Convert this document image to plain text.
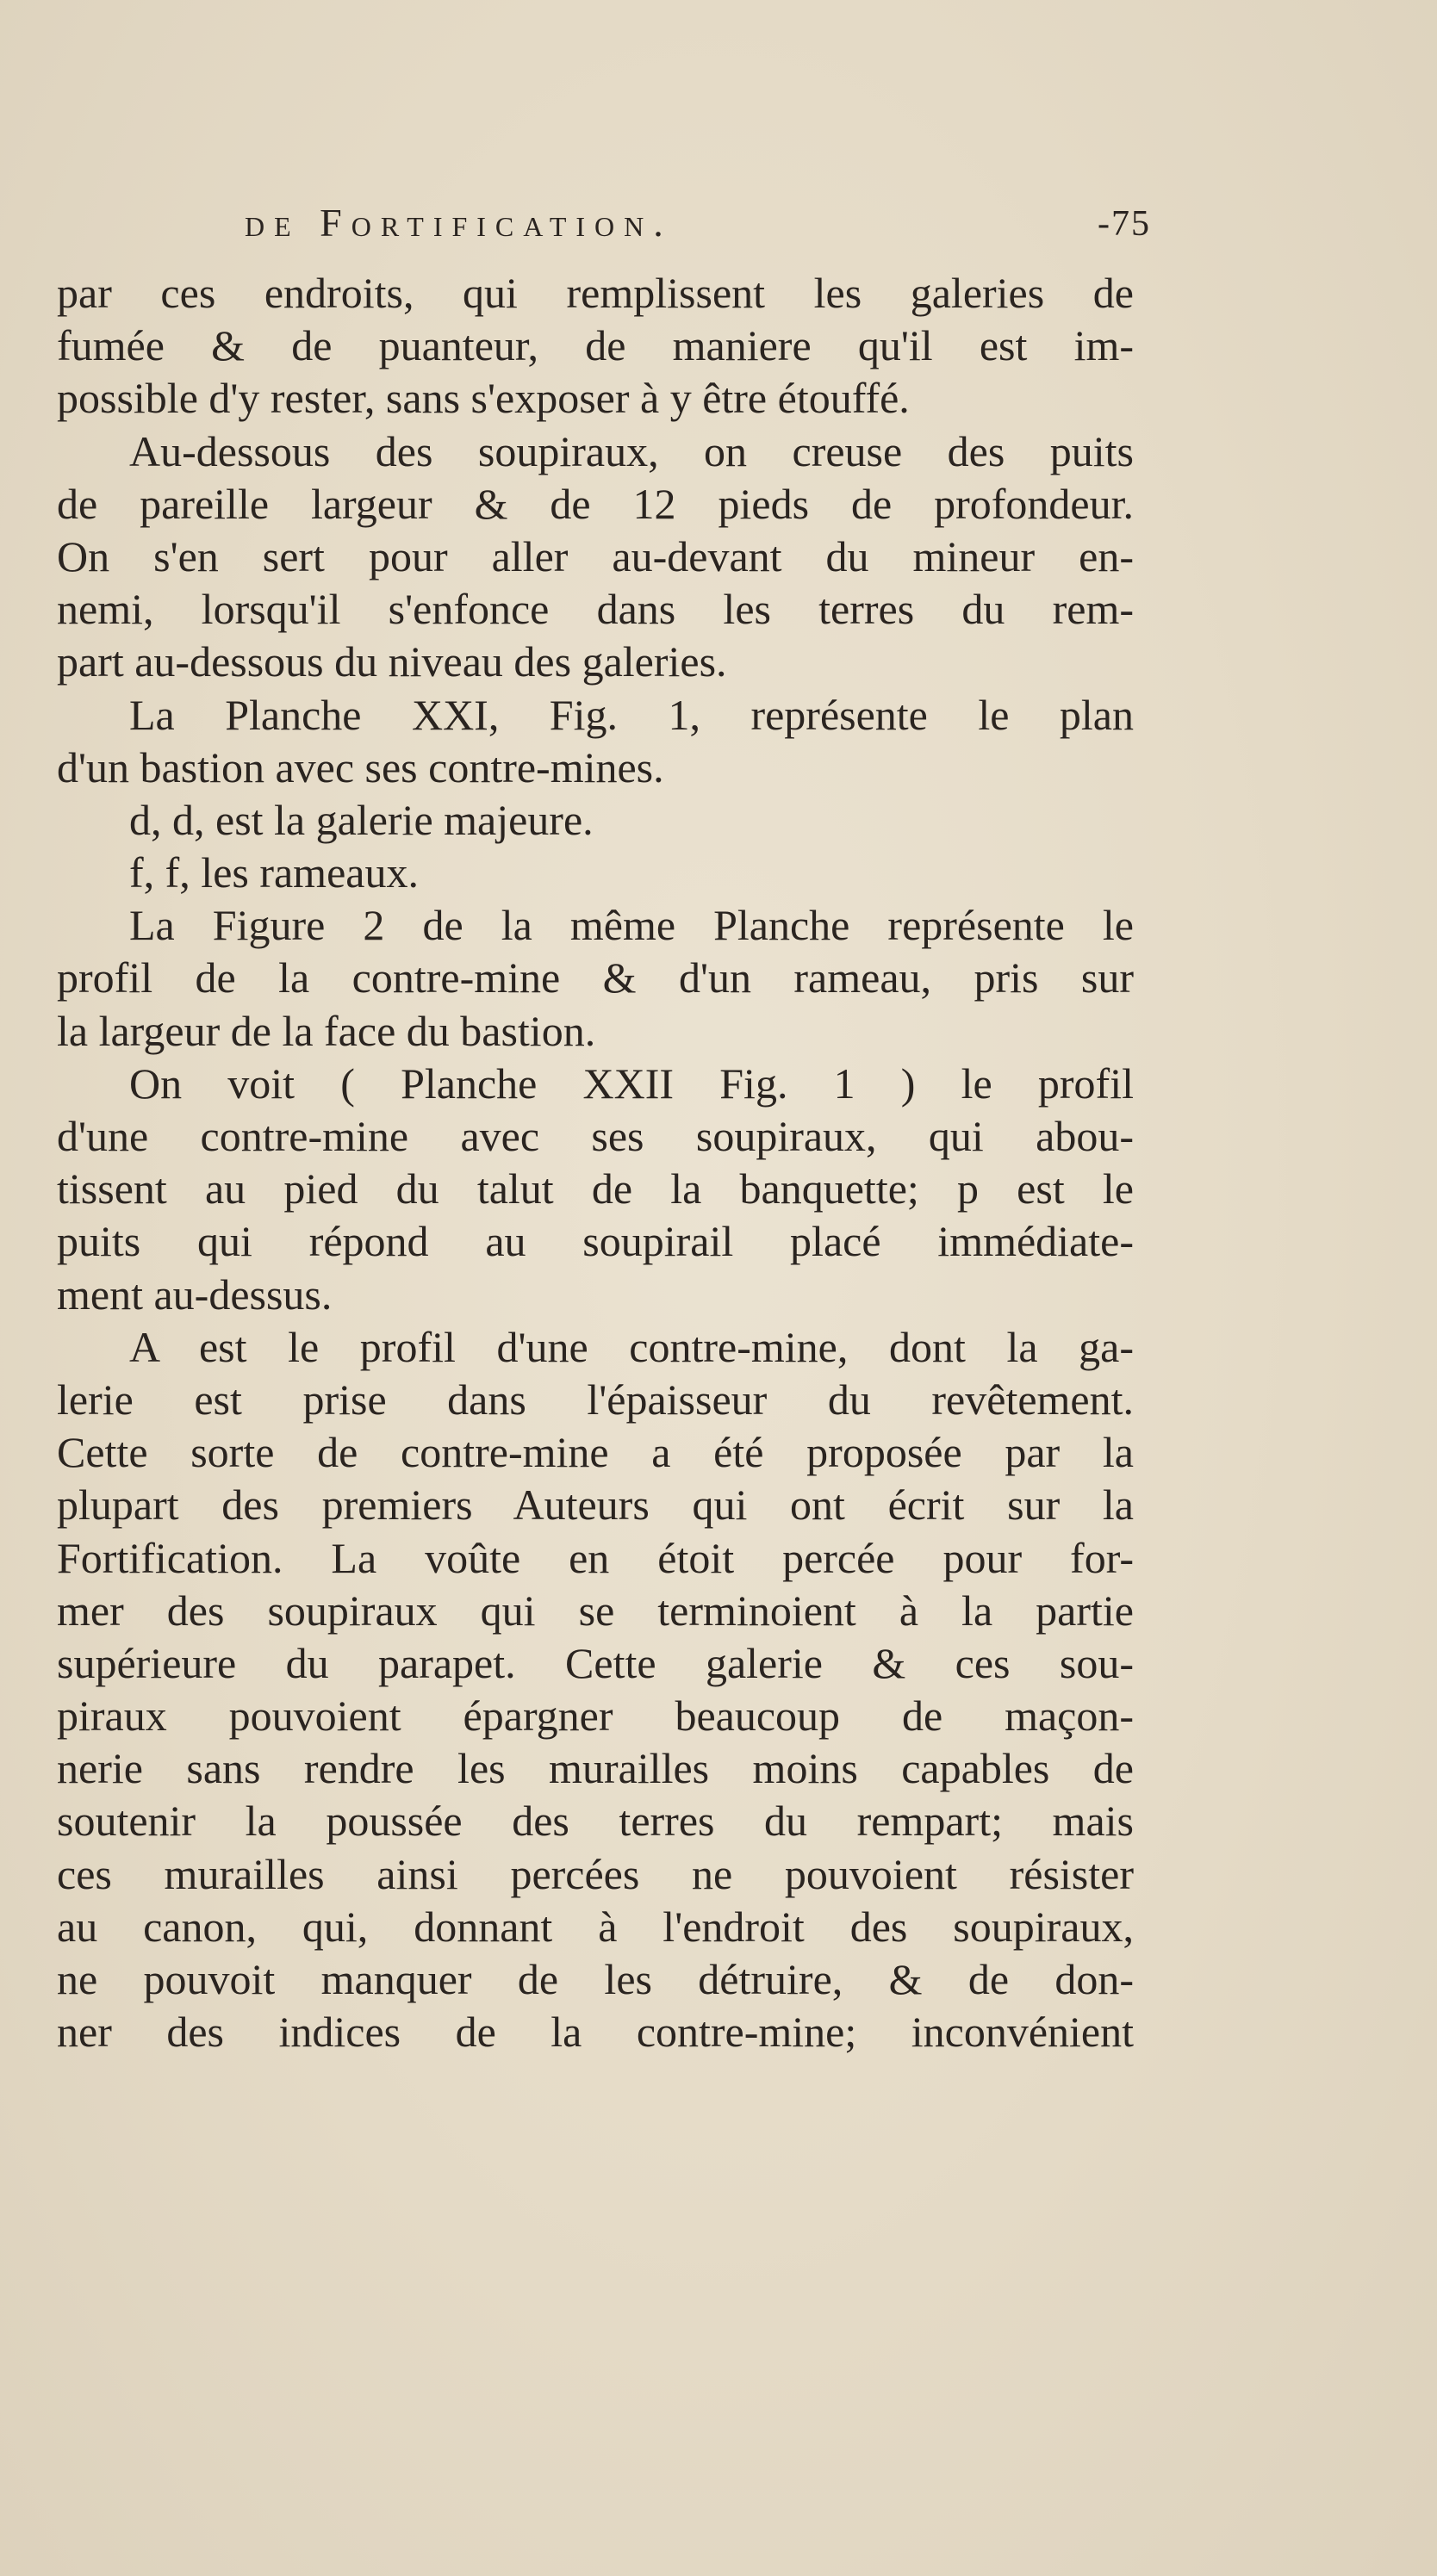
de Fortification.	-75
par ces endroits, qui remplissent les galeries de
fumée & de puanteur, de maniere qu'il est im-
possible d'y rester, sans s'exposer à y être étouffé.
Au-dessous des soupiraux, on creuse des puits
de pareille largeur & de 12 pieds de profondeur.
On s'en sert pour aller au-devant du mineur en-
nemi, lorsqu'il s'enfonce dans les terres du rem-
part au-dessous du niveau des galeries.
La Planche XXI, Fig. 1, représente le plan
d'un bastion avec ses contre-mines.
d, d, est la galerie majeure.
f, f, les rameaux.
La Figure 2 de la même Planche représente le
profil de la contre-mine & d'un rameau, pris sur
la largeur de la face du bastion.
On voit ( Planche XXII Fig. 1 ) le profil
d'une contre-mine avec ses soupiraux, qui abou-
tissent au pied du talut de la banquette; p est le
puits qui répond au soupirail placé immédiate-
ment au-dessus.
A est le profil d'une contre-mine, dont la ga-
lerie est prise dans l'épaisseur du revêtement.
Cette sorte de contre-mine a été proposée par la
plupart des premiers Auteurs qui ont écrit sur la
Fortification. La voûte en étoit percée pour for-
mer des soupiraux qui se terminoient à la partie
supérieure du parapet. Cette galerie & ces sou-
piraux pouvoient épargner beaucoup de maçon-
nerie sans rendre les murailles moins capables de
soutenir la poussée des terres du rempart; mais
ces murailles ainsi percées ne pouvoient résister
au canon, qui, donnant à l'endroit des soupiraux,
ne pouvoit manquer de les détruire, & de don-
ner des indices de la contre-mine; inconvénient
